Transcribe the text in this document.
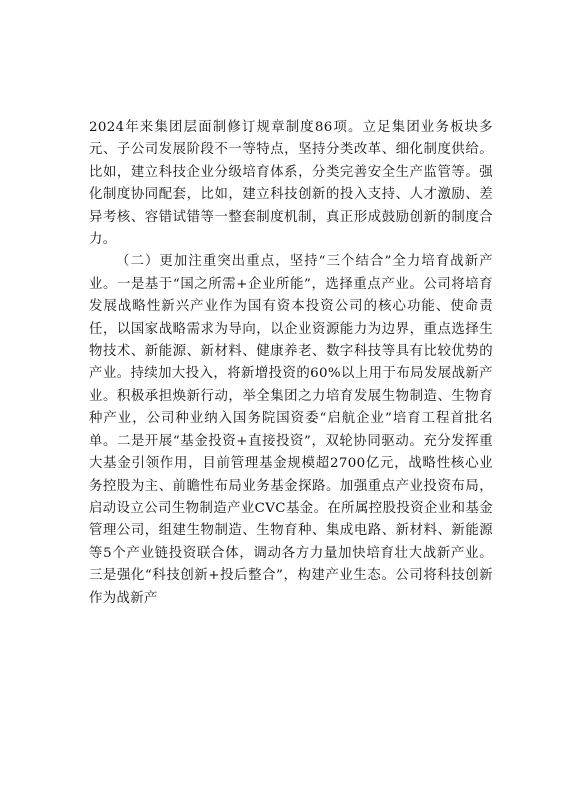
2024年来集团层面制修订规章制度86项。立足集团业务板块多元、子公司发展阶段不一等特点，坚持分类改革、细化制度供给。比如，建立科技企业分级培育体系，分类完善安全生产监管等。强化制度协同配套，比如，建立科技创新的投入支持、人才激励、差异考核、容错试错等一整套制度机制，真正形成鼓励创新的制度合力。

（二）更加注重突出重点，坚持“三个结合”全力培育战新产业。一是基于“国之所需+企业所能”，选择重点产业。公司将培育发展战略性新兴产业作为国有资本投资公司的核心功能、使命责任，以国家战略需求为导向，以企业资源能力为边界，重点选择生物技术、新能源、新材料、健康养老、数字科技等具有比较优势的产业。持续加大投入，将新增投资的60%以上用于布局发展战新产业。积极承担焕新行动，举全集团之力培育发展生物制造、生物育种产业，公司种业纳入国务院国资委“启航企业”培育工程首批名单。二是开展“基金投资+直接投资”，双轮协同驱动。充分发挥重大基金引领作用，目前管理基金规模超2700亿元，战略性核心业务控股为主、前瞻性布局业务基金探路。加强重点产业投资布局，启动设立公司生物制造产业CVC基金。在所属控股投资企业和基金管理公司，组建生物制造、生物育种、集成电路、新材料、新能源等5个产业链投资联合体，调动各方力量加快培育壮大战新产业。三是强化“科技创新+投后整合”，构建产业生态。公司将科技创新作为战新产
